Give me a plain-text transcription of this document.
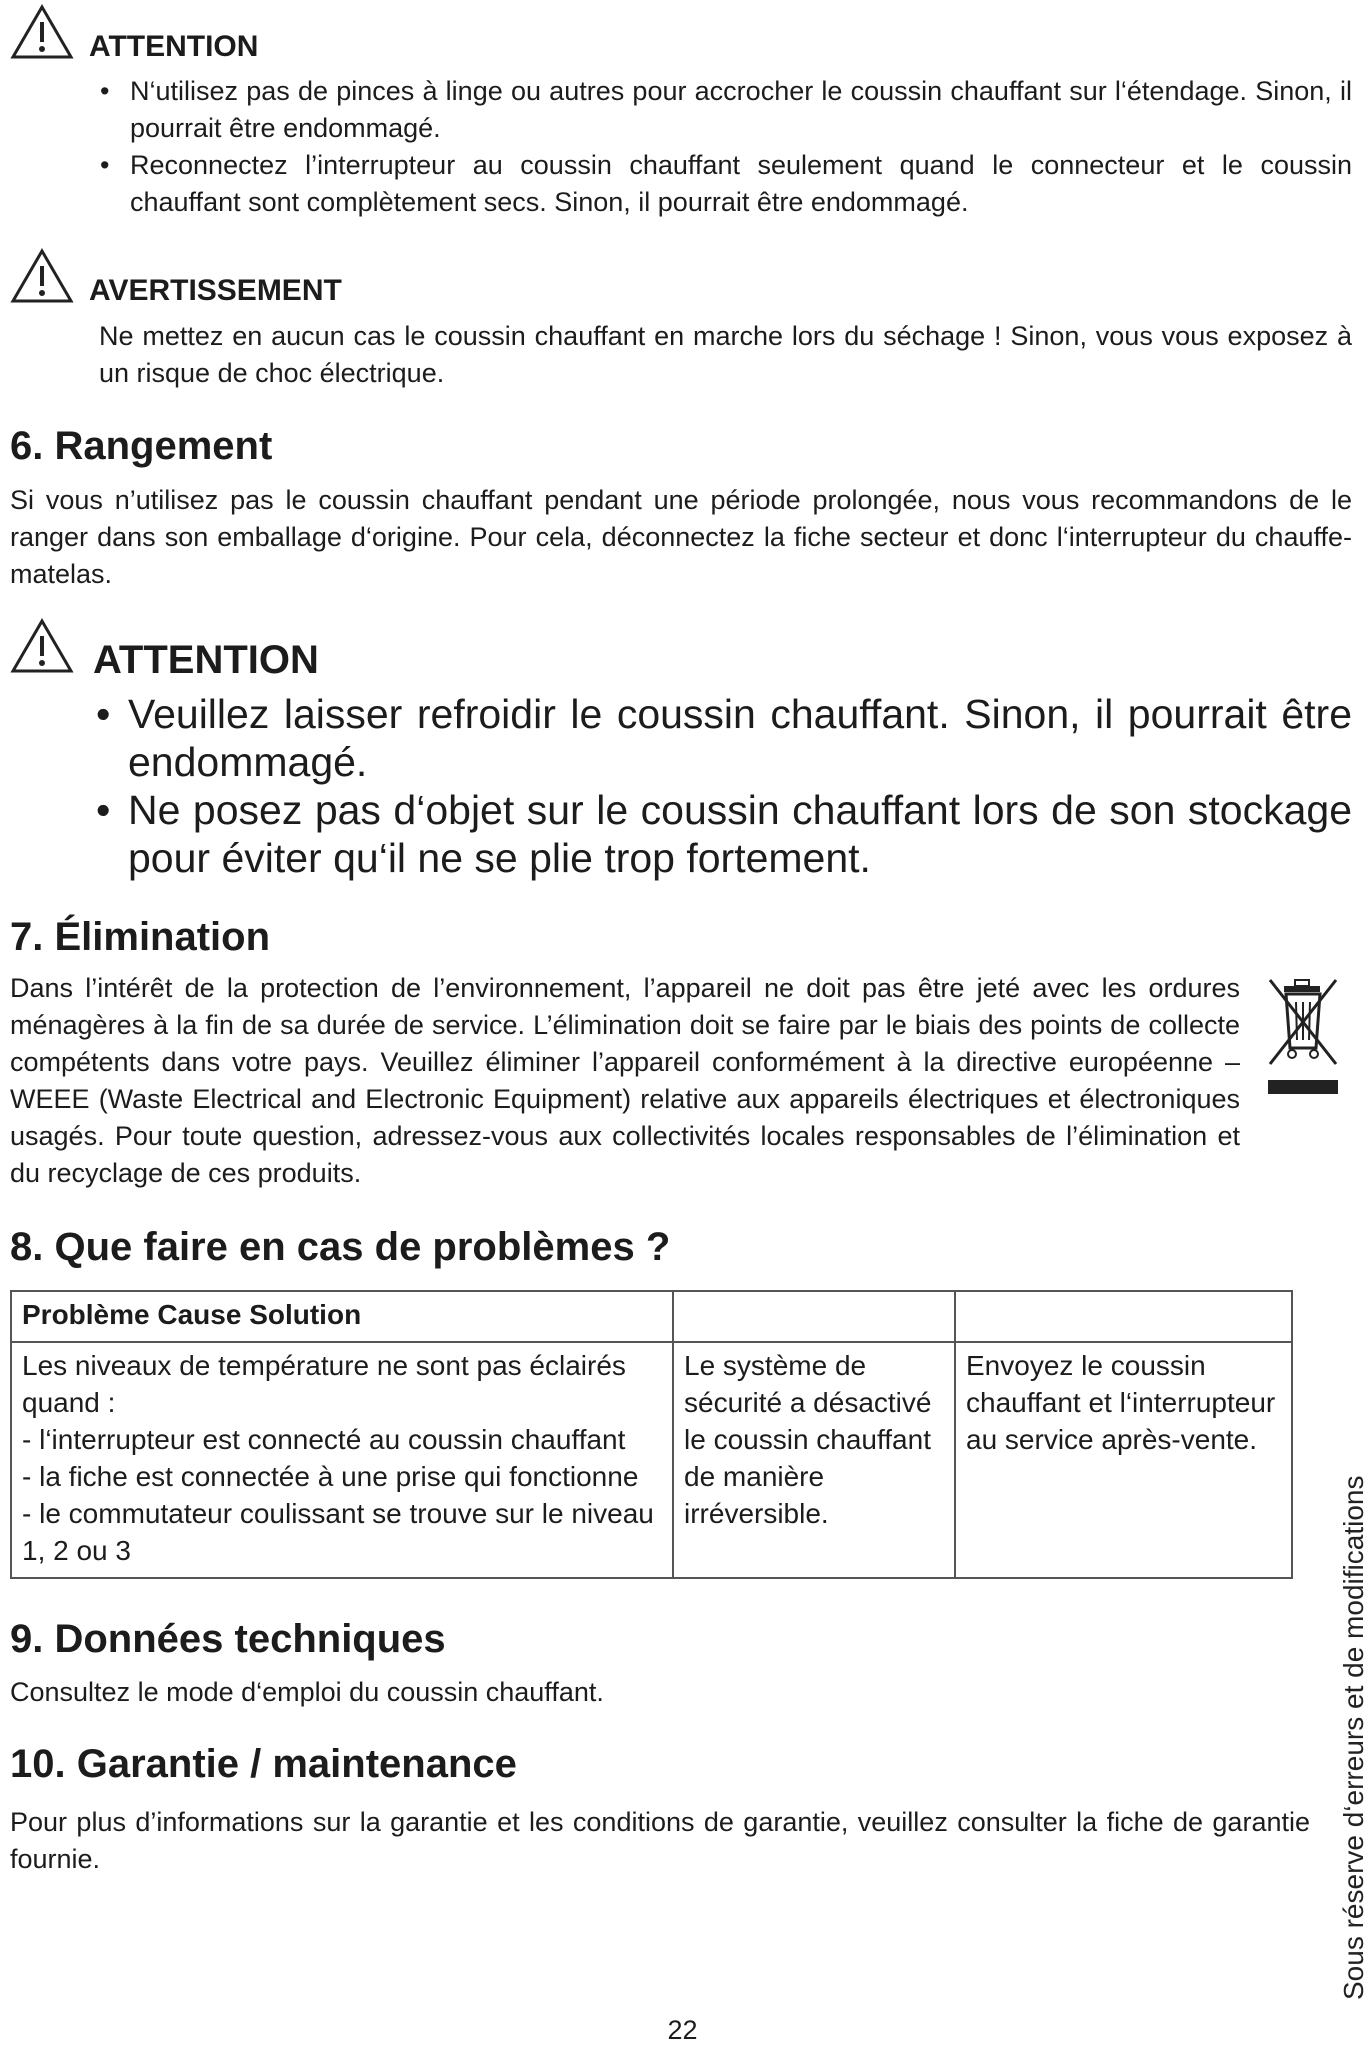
ATTENTION
• N‘utilisez pas de pinces à linge ou autres pour accrocher le coussin chauffant sur l‘étendage. Sinon, il pourrait être endommagé.
• Reconnectez l’interrupteur au coussin chauffant seulement quand le connecteur et le coussin chauffant sont complètement secs. Sinon, il pourrait être endommagé.
AVERTISSEMENT

Ne mettez en aucun cas le coussin chauffant en marche lors du séchage ! Sinon, vous vous exposez à un risque de choc électrique.

6. Rangement

Si vous n’utilisez pas le coussin chauffant pendant une période prolongée, nous vous recommandons de le ranger dans son emballage d‘origine. Pour cela, déconnectez la fiche secteur et donc l‘interrupteur du chauffe-matelas.

ATTENTION
• Veuillez laisser refroidir le coussin chauffant. Sinon, il pourrait être endommagé.
• Ne posez pas d‘objet sur le coussin chauffant lors de son stockage pour éviter qu‘il ne se plie trop fortement.
7. Élimination

Dans l’intérêt de la protection de l’environnement, l’appareil ne doit pas être jeté avec les ordures ménagères à la fin de sa durée de service. L’élimination doit se faire par le biais des points de collecte compétents dans votre pays. Veuillez éliminer l’appareil conformément à la directive européenne – WEEE (Waste Electrical and Electronic Equipment) relative aux appareils électriques et électroniques usagés. Pour toute question, adressez-vous aux collectivités locales responsables de l’élimination et du recyclage de ces produits.

8. Que faire en cas de problèmes ?
Problème Cause Solution		

Les niveaux de température ne sont pas éclairés quand :
- l‘interrupteur est connecté au coussin chauffant
- la fiche est connectée à une prise qui fonctionne
- le commutateur coulissant se trouve sur le niveau 1, 2 ou 3	Le système de sécurité a désactivé le coussin chauffant de manière irréversible.	Envoyez le coussin chauffant et l‘interrupteur au service après-vente.
9. Données techniques

Consultez le mode d‘emploi du coussin chauffant.

10. Garantie / maintenance

Pour plus d’informations sur la garantie et les conditions de garantie, veuillez consulter la fiche de garantie fournie.	Sous réserve d‘erreurs et de modifications
22
